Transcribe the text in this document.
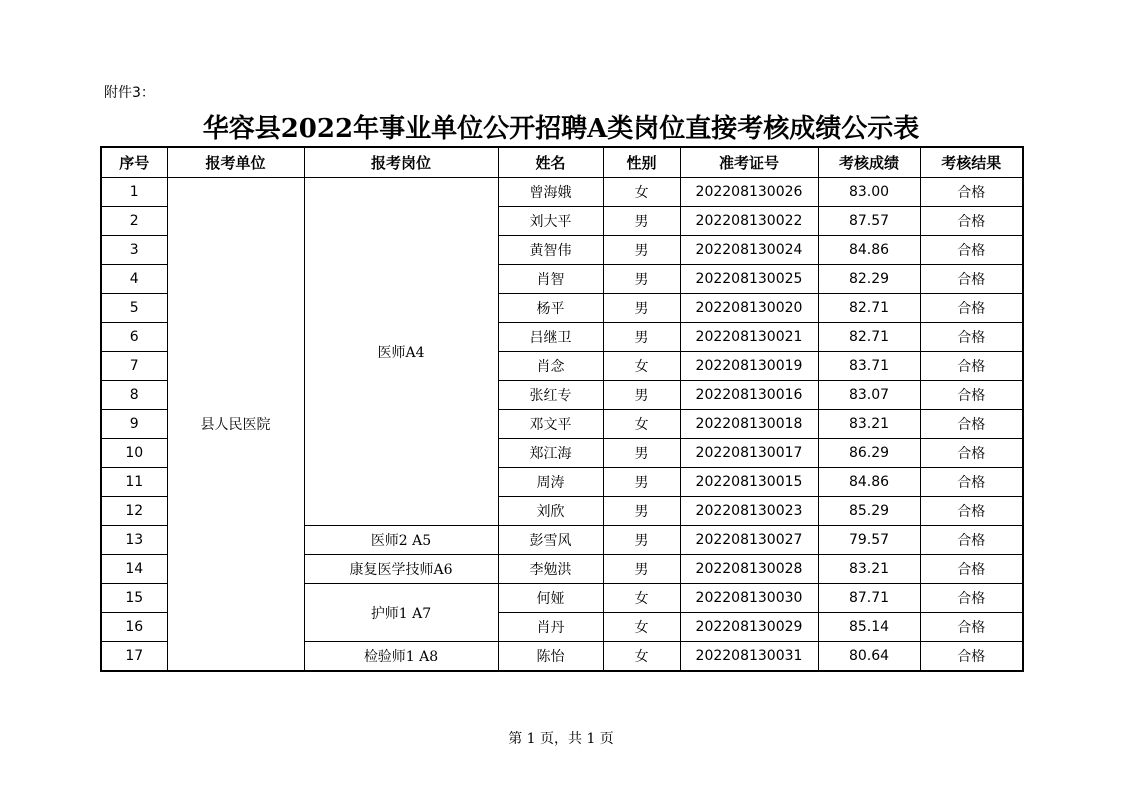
附件3：
华容县2022年事业单位公开招聘A类岗位直接考核成绩公示表
序号	报考单位	报考岗位	姓名	性别	准考证号	考核成绩	考核结果
1	县人民医院	医师A4	曾海娥	女	202208130026	83.00	合格
2			刘大平	男	202208130022	87.57	合格
3			黄智伟	男	202208130024	84.86	合格
4			肖智	男	202208130025	82.29	合格
5			杨平	男	202208130020	82.71	合格
6			吕继卫	男	202208130021	82.71	合格
7			肖念	女	202208130019	83.71	合格
8			张红专	男	202208130016	83.07	合格
9			邓文平	女	202208130018	83.21	合格
10			郑江海	男	202208130017	86.29	合格
11			周涛	男	202208130015	84.86	合格
12			刘欣	男	202208130023	85.29	合格
13		医师2 A5	彭雪风	男	202208130027	79.57	合格
14		康复医学技师A6	李勉洪	男	202208130028	83.21	合格
15		护师1 A7	何娅	女	202208130030	87.71	合格
16			肖丹	女	202208130029	85.14	合格
17		检验师1 A8	陈怡	女	202208130031	80.64	合格
第 1 页，共 1 页
